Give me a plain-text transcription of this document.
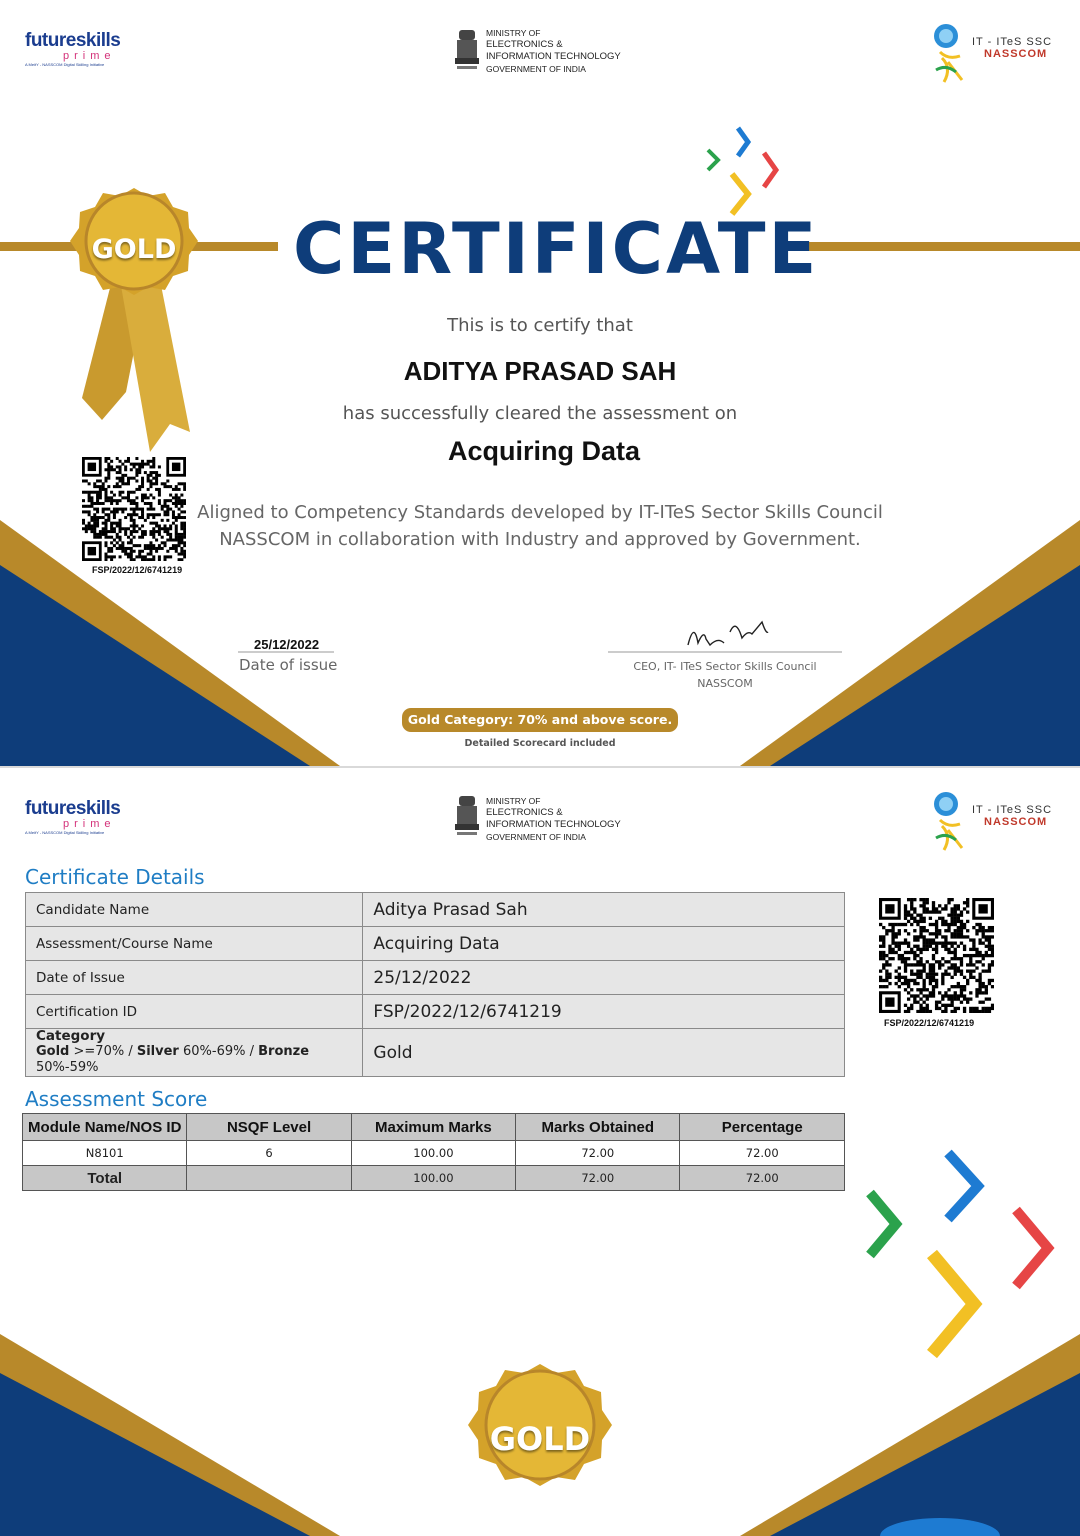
futureskills
prime
A MeitY - NASSCOM Digital Skilling Initiative
MINISTRY OF
ELECTRONICS &
INFORMATION TECHNOLOGY
GOVERNMENT OF INDIA
IT - ITeS SSC
NASSCOM
GOLD CERTIFICATE
This is to certify that
ADITYA PRASAD SAH
has successfully cleared the assessment on
Acquiring Data
Aligned to Competency Standards developed by IT-ITeS Sector Skills Council
NASSCOM in collaboration with Industry and approved by Government.
FSP/2022/12/6741219
25/12/2022
Date of issue	CEO, IT- ITeS Sector Skills Council
NASSCOM
Gold Category: 70% and above score.
Detailed Scorecard included
futureskills
prime
A MeitY - NASSCOM Digital Skilling Initiative
MINISTRY OF
ELECTRONICS &
INFORMATION TECHNOLOGY
GOVERNMENT OF INDIA
IT - ITeS SSC
NASSCOM
Certificate Details
Candidate Name	Aditya Prasad Sah
Assessment/Course Name	Acquiring Data
Date of Issue	25/12/2022
Certification ID	FSP/2022/12/6741219

Category
Gold >=70% / Silver 60%-69% / Bronze 50%-59%	Gold
FSP/2022/12/6741219
Assessment Score
Module Name/NOS ID	NSQF Level	Maximum Marks	Marks Obtained	Percentage
N8101	6	100.00	72.00	72.00
Total		100.00	72.00	72.00
GOLD
